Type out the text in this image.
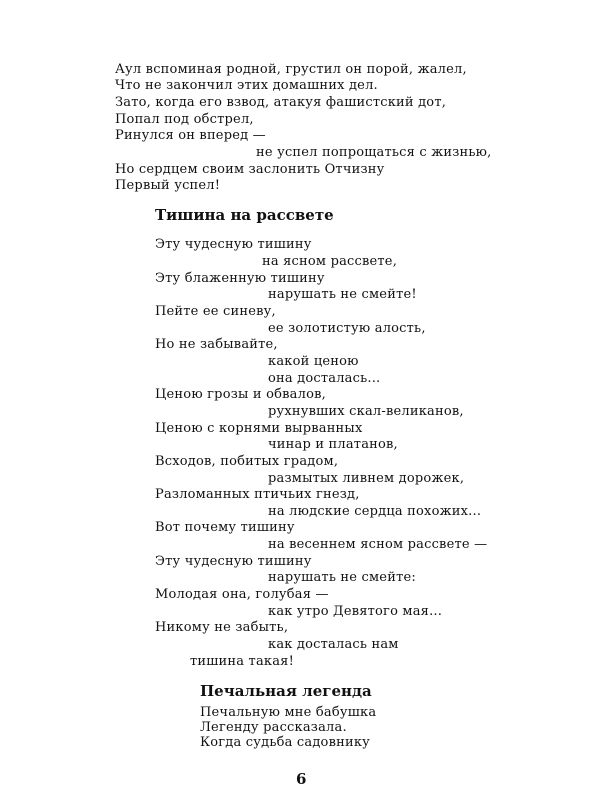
Аул вспоминая родной, грустил он порой, жалел,
Что не закончил этих домашних дел.
Зато, когда его взвод, атакуя фашистский дот,
Попал под обстрел,
Ринулся он вперед —
не успел попрощаться с жизнью,
Но сердцем своим заслонить Отчизну
Первый успел!
Тишина на рассвете
Эту чудесную тишину
на ясном рассвете,
Эту блаженную тишину
нарушать не смейте!
Пейте ее синеву,
ее золотистую алость,
Но не забывайте,
какой ценою
она досталась...
Ценою грозы и обвалов,
рухнувших скал-великанов,
Ценою с корнями вырванных
чинар и платанов,
Всходов, побитых градом,
размытых ливнем дорожек,
Разломанных птичьих гнезд,
на людские сердца похожих...
Вот почему тишину
на весеннем ясном рассвете —
Эту чудесную тишину
нарушать не смейте:
Молодая она, голубая —
как утро Девятого мая...
Никому не забыть,
как досталась нам
тишина такая!
Печальная легенда
Печальную мне бабушка
Легенду рассказала.
Когда судьба садовнику
6
